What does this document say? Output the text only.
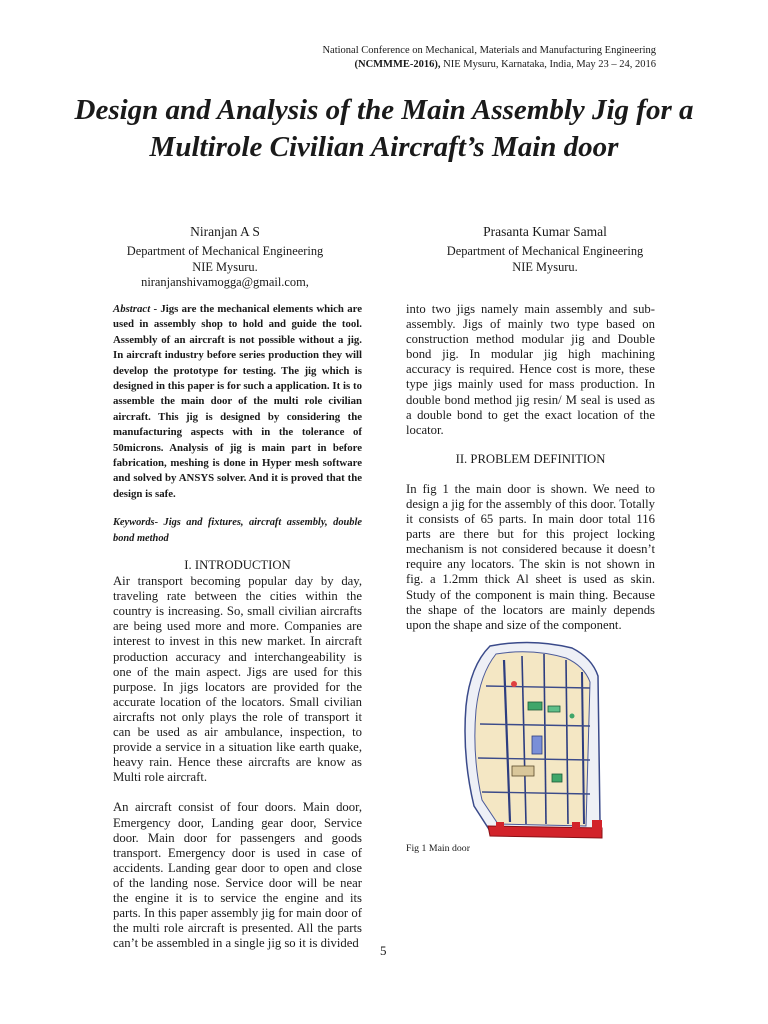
National Conference on Mechanical, Materials and Manufacturing Engineering
(NCMMME-2016), NIE Mysuru, Karnataka, India, May 23 – 24, 2016
Design and Analysis of the Main Assembly Jig for a Multirole Civilian Aircraft’s Main door
Niranjan A S
Department of Mechanical Engineering
NIE Mysuru.
niranjanshivamogga@gmail.com,
Prasanta Kumar Samal
Department of Mechanical Engineering
NIE Mysuru.

Abstract - Jigs are the mechanical elements which are used in assembly shop to hold and guide the tool. Assembly of an aircraft is not possible without a jig. In aircraft industry before series production they will develop the prototype for testing. The jig which is designed in this paper is for such a application. It is to assemble the main door of the multi role civilian aircraft. This jig is designed by considering the manufacturing aspects with in the tolerance of 50microns. Analysis of jig is main part in before fabrication, meshing is done in Hyper mesh software and solved by ANSYS solver. And it is proved that the design is safe.

Keywords- Jigs and fixtures, aircraft assembly, double bond method

I. INTRODUCTION

Air transport becoming popular day by day, traveling rate between the cities within the country is increasing. So, small civilian aircrafts are being used more and more. Companies are interest to invest in this new market. In aircraft production accuracy and interchangeability is one of the main aspect. Jigs are used for this purpose. In jigs locators are provided for the accurate location of the locators. Small civilian aircrafts not only plays the role of transport it can be used as air ambulance, inspection, to provide a service in a situation like earth quake, heavy rain. Hence these aircrafts are know as Multi role aircraft.

An aircraft consist of four doors. Main door, Emergency door, Landing gear door, Service door. Main door for passengers and goods transport. Emergency door is used in case of accidents. Landing gear door to open and close of the landing nose. Service door will be near the engine it is to service the engine and its parts. In this paper assembly jig for main door of the multi role aircraft is presented. All the parts can’t be assembled in a single jig so it is divided

into two jigs namely main assembly and sub-assembly. Jigs of mainly two type based on construction method modular jig and Double bond jig. In modular jig high machining accuracy is required. Hence cost is more, these type jigs mainly used for mass production. In double bond method jig resin/ M seal is used as a double bond to get the exact location of the locator.

II. PROBLEM DEFINITION

In fig 1 the main door is shown. We need to design a jig for the assembly of this door. Totally it consists of 65 parts. In main door total 116 parts are there but for this project locking mechanism is not considered because it doesn’t require any locators. The skin is not shown in fig. a 1.2mm thick Al sheet is used as skin. Study of the component is main thing. Because the shape of the locators are mainly depends upon the shape and size of the component.

Fig 1 Main door
5
